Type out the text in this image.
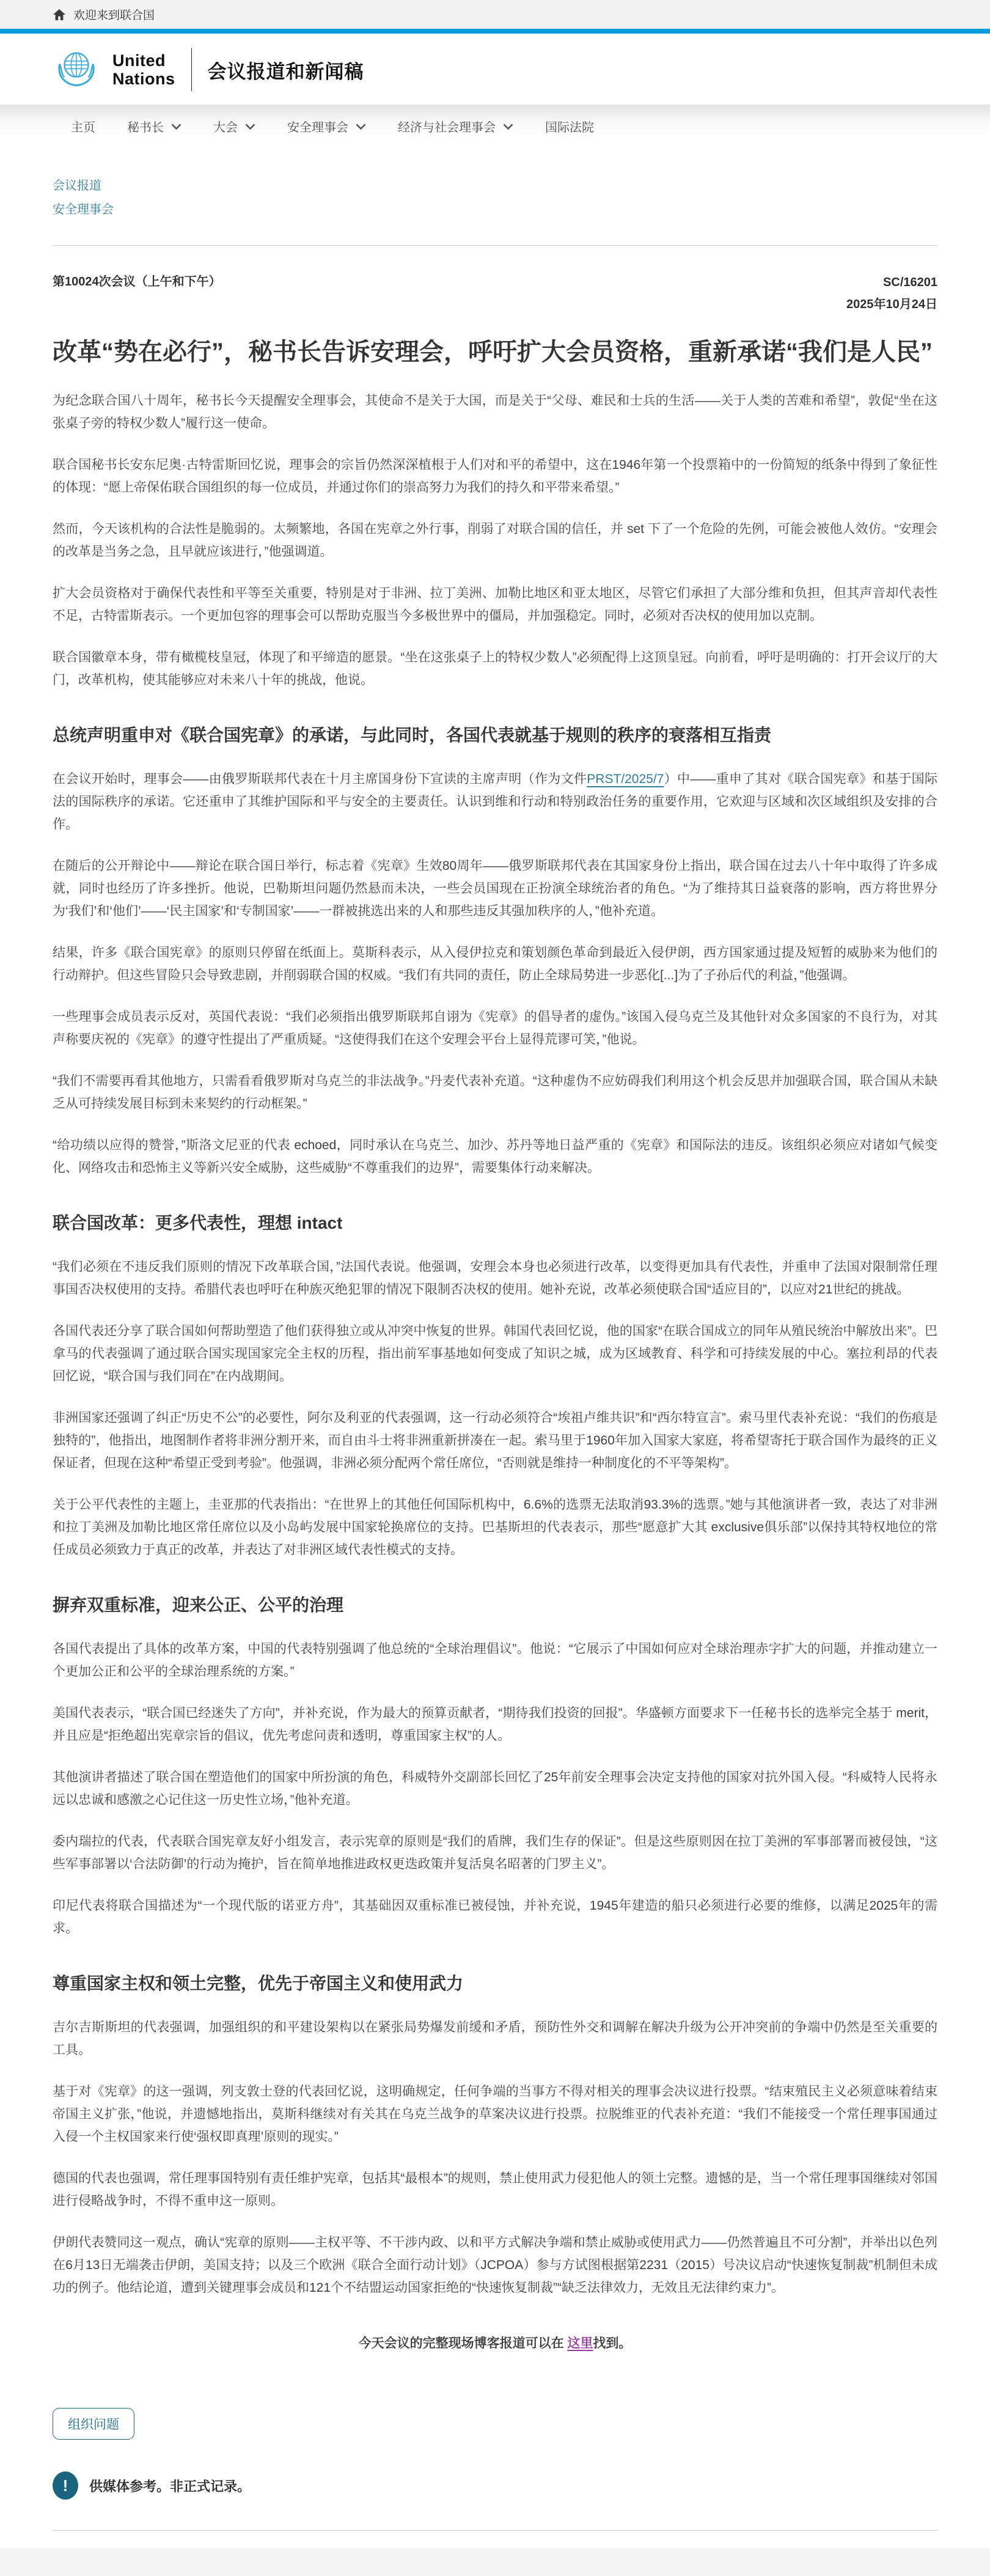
欢迎来到联合国
United
Nations 会议报道和新闻稿
主页	秘书长	大会	安全理事会	经济与社会理事会	国际法院
会议报道
安全理事会
第10024次会议（上午和下午）	SC/16201
2025年10月24日
改革“势在必行”，秘书长告诉安理会，呼吁扩大会员资格，重新承诺“我们是人民”

为纪念联合国八十周年，秘书长今天提醒安全理事会，其使命不是关于大国，而是关于“父母、难民和士兵的生活——关于人类的苦难和希望”，敦促“坐在这张桌子旁的特权少数人”履行这一使命。

联合国秘书长安东尼奥·古特雷斯回忆说，理事会的宗旨仍然深深植根于人们对和平的希望中，这在1946年第一个投票箱中的一份简短的纸条中得到了象征性的体现：“愿上帝保佑联合国组织的每一位成员，并通过你们的崇高努力为我们的持久和平带来希望。”

然而，今天该机构的合法性是脆弱的。太频繁地，各国在宪章之外行事，削弱了对联合国的信任，并 set 下了一个危险的先例，可能会被他人效仿。“安理会的改革是当务之急，且早就应该进行，”他强调道。

扩大会员资格对于确保代表性和平等至关重要，特别是对于非洲、拉丁美洲、加勒比地区和亚太地区，尽管它们承担了大部分维和负担，但其声音却代表性不足，古特雷斯表示。一个更加包容的理事会可以帮助克服当今多极世界中的僵局，并加强稳定。同时，必须对否决权的使用加以克制。

联合国徽章本身，带有橄榄枝皇冠，体现了和平缔造的愿景。“坐在这张桌子上的特权少数人”必须配得上这顶皇冠。向前看，呼吁是明确的：打开会议厅的大门，改革机构，使其能够应对未来八十年的挑战，他说。

总统声明重申对《联合国宪章》的承诺，与此同时，各国代表就基于规则的秩序的衰落相互指责

在会议开始时，理事会——由俄罗斯联邦代表在十月主席国身份下宣读的主席声明（作为文件PRST/2025/7）中——重申了其对《联合国宪章》和基于国际法的国际秩序的承诺。它还重申了其维护国际和平与安全的主要责任。认识到维和行动和特别政治任务的重要作用，它欢迎与区域和次区域组织及安排的合作。

在随后的公开辩论中——辩论在联合国日举行，标志着《宪章》生效80周年——俄罗斯联邦代表在其国家身份上指出，联合国在过去八十年中取得了许多成就，同时也经历了许多挫折。他说，巴勒斯坦问题仍然悬而未决，一些会员国现在正扮演全球统治者的角色。“为了维持其日益衰落的影响，西方将世界分为‘我们’和‘他们’——‘民主国家’和‘专制国家’——一群被挑选出来的人和那些违反其强加秩序的人，”他补充道。

结果，许多《联合国宪章》的原则只停留在纸面上。莫斯科表示，从入侵伊拉克和策划颜色革命到最近入侵伊朗，西方国家通过提及短暂的威胁来为他们的行动辩护。但这些冒险只会导致悲剧，并削弱联合国的权威。“我们有共同的责任，防止全球局势进一步恶化[...]为了子孙后代的利益，”他强调。

一些理事会成员表示反对，英国代表说：“我们必须指出俄罗斯联邦自诩为《宪章》的倡导者的虚伪。”该国入侵乌克兰及其他针对众多国家的不良行为，对其声称要庆祝的《宪章》的遵守性提出了严重质疑。“这使得我们在这个安理会平台上显得荒谬可笑，”他说。

“我们不需要再看其他地方，只需看看俄罗斯对乌克兰的非法战争。”丹麦代表补充道。“这种虚伪不应妨碍我们利用这个机会反思并加强联合国，联合国从未缺乏从可持续发展目标到未来契约的行动框架。”

“给功绩以应得的赞誉，”斯洛文尼亚的代表 echoed，同时承认在乌克兰、加沙、苏丹等地日益严重的《宪章》和国际法的违反。该组织必须应对诸如气候变化、网络攻击和恐怖主义等新兴安全威胁，这些威胁“不尊重我们的边界”，需要集体行动来解决。

联合国改革：更多代表性，理想 intact

“我们必须在不违反我们原则的情况下改革联合国，”法国代表说。他强调，安理会本身也必须进行改革，以变得更加具有代表性，并重申了法国对限制常任理事国否决权使用的支持。希腊代表也呼吁在种族灭绝犯罪的情况下限制否决权的使用。她补充说，改革必须使联合国“适应目的”，以应对21世纪的挑战。

各国代表还分享了联合国如何帮助塑造了他们获得独立或从冲突中恢复的世界。韩国代表回忆说，他的国家“在联合国成立的同年从殖民统治中解放出来”。巴拿马的代表强调了通过联合国实现国家完全主权的历程，指出前军事基地如何变成了知识之城，成为区域教育、科学和可持续发展的中心。塞拉利昂的代表回忆说，“联合国与我们同在”在内战期间。

非洲国家还强调了纠正“历史不公”的必要性，阿尔及利亚的代表强调，这一行动必须符合“埃祖卢维共识”和“西尔特宣言”。索马里代表补充说：“我们的伤痕是独特的”，他指出，地图制作者将非洲分割开来，而自由斗士将非洲重新拼凑在一起。索马里于1960年加入国家大家庭，将希望寄托于联合国作为最终的正义保证者，但现在这种“希望正受到考验”。他强调，非洲必须分配两个常任席位，“否则就是维持一种制度化的不平等架构”。

关于公平代表性的主题上，圭亚那的代表指出：“在世界上的其他任何国际机构中，6.6%的选票无法取消93.3%的选票。”她与其他演讲者一致，表达了对非洲和拉丁美洲及加勒比地区常任席位以及小岛屿发展中国家轮换席位的支持。巴基斯坦的代表表示，那些“愿意扩大其 exclusive俱乐部”以保持其特权地位的常任成员必须致力于真正的改革，并表达了对非洲区域代表性模式的支持。

摒弃双重标准，迎来公正、公平的治理

各国代表提出了具体的改革方案，中国的代表特别强调了他总统的“全球治理倡议”。他说：“它展示了中国如何应对全球治理赤字扩大的问题，并推动建立一个更加公正和公平的全球治理系统的方案。”

美国代表表示，“联合国已经迷失了方向”，并补充说，作为最大的预算贡献者，“期待我们投资的回报”。华盛顿方面要求下一任秘书长的选举完全基于 merit，并且应是“拒绝超出宪章宗旨的倡议，优先考虑问责和透明，尊重国家主权”的人。

其他演讲者描述了联合国在塑造他们的国家中所扮演的角色，科威特外交副部长回忆了25年前安全理事会决定支持他的国家对抗外国入侵。“科威特人民将永远以忠诚和感激之心记住这一历史性立场，”他补充道。

委内瑞拉的代表，代表联合国宪章友好小组发言，表示宪章的原则是“我们的盾牌，我们生存的保证”。但是这些原则因在拉丁美洲的军事部署而被侵蚀，“这些军事部署以‘合法防御’的行动为掩护，旨在简单地推进政权更迭政策并复活臭名昭著的门罗主义”。

印尼代表将联合国描述为“一个现代版的诺亚方舟”，其基础因双重标准已被侵蚀，并补充说，1945年建造的船只必须进行必要的维修，以满足2025年的需求。

尊重国家主权和领土完整，优先于帝国主义和使用武力

吉尔吉斯斯坦的代表强调，加强组织的和平建设架构以在紧张局势爆发前缓和矛盾，预防性外交和调解在解决升级为公开冲突前的争端中仍然是至关重要的工具。

基于对《宪章》的这一强调，列支敦士登的代表回忆说，这明确规定，任何争端的当事方不得对相关的理事会决议进行投票。“结束殖民主义必须意味着结束帝国主义扩张，”他说，并遗憾地指出，莫斯科继续对有关其在乌克兰战争的草案决议进行投票。拉脱维亚的代表补充道：“我们不能接受一个常任理事国通过入侵一个主权国家来行使‘强权即真理’原则的现实。”

德国的代表也强调，常任理事国特别有责任维护宪章，包括其“最根本”的规则，禁止使用武力侵犯他人的领土完整。遗憾的是，当一个常任理事国继续对邻国进行侵略战争时，不得不重申这一原则。

伊朗代表赞同这一观点，确认“宪章的原则——主权平等、不干涉内政、以和平方式解决争端和禁止威胁或使用武力——仍然普遍且不可分割”，并举出以色列在6月13日无端袭击伊朗，美国支持；以及三个欧洲《联合全面行动计划》（JCPOA）参与方试图根据第2231（2015）号决议启动“快速恢复制裁”机制但未成功的例子。他结论道，遭到关键理事会成员和121个不结盟运动国家拒绝的“快速恢复制裁”“缺乏法律效力，无效且无法律约束力”。

今天会议的完整现场博客报道可以在 这里找到。

组织问题
!	供媒体参考。非正式记录。
